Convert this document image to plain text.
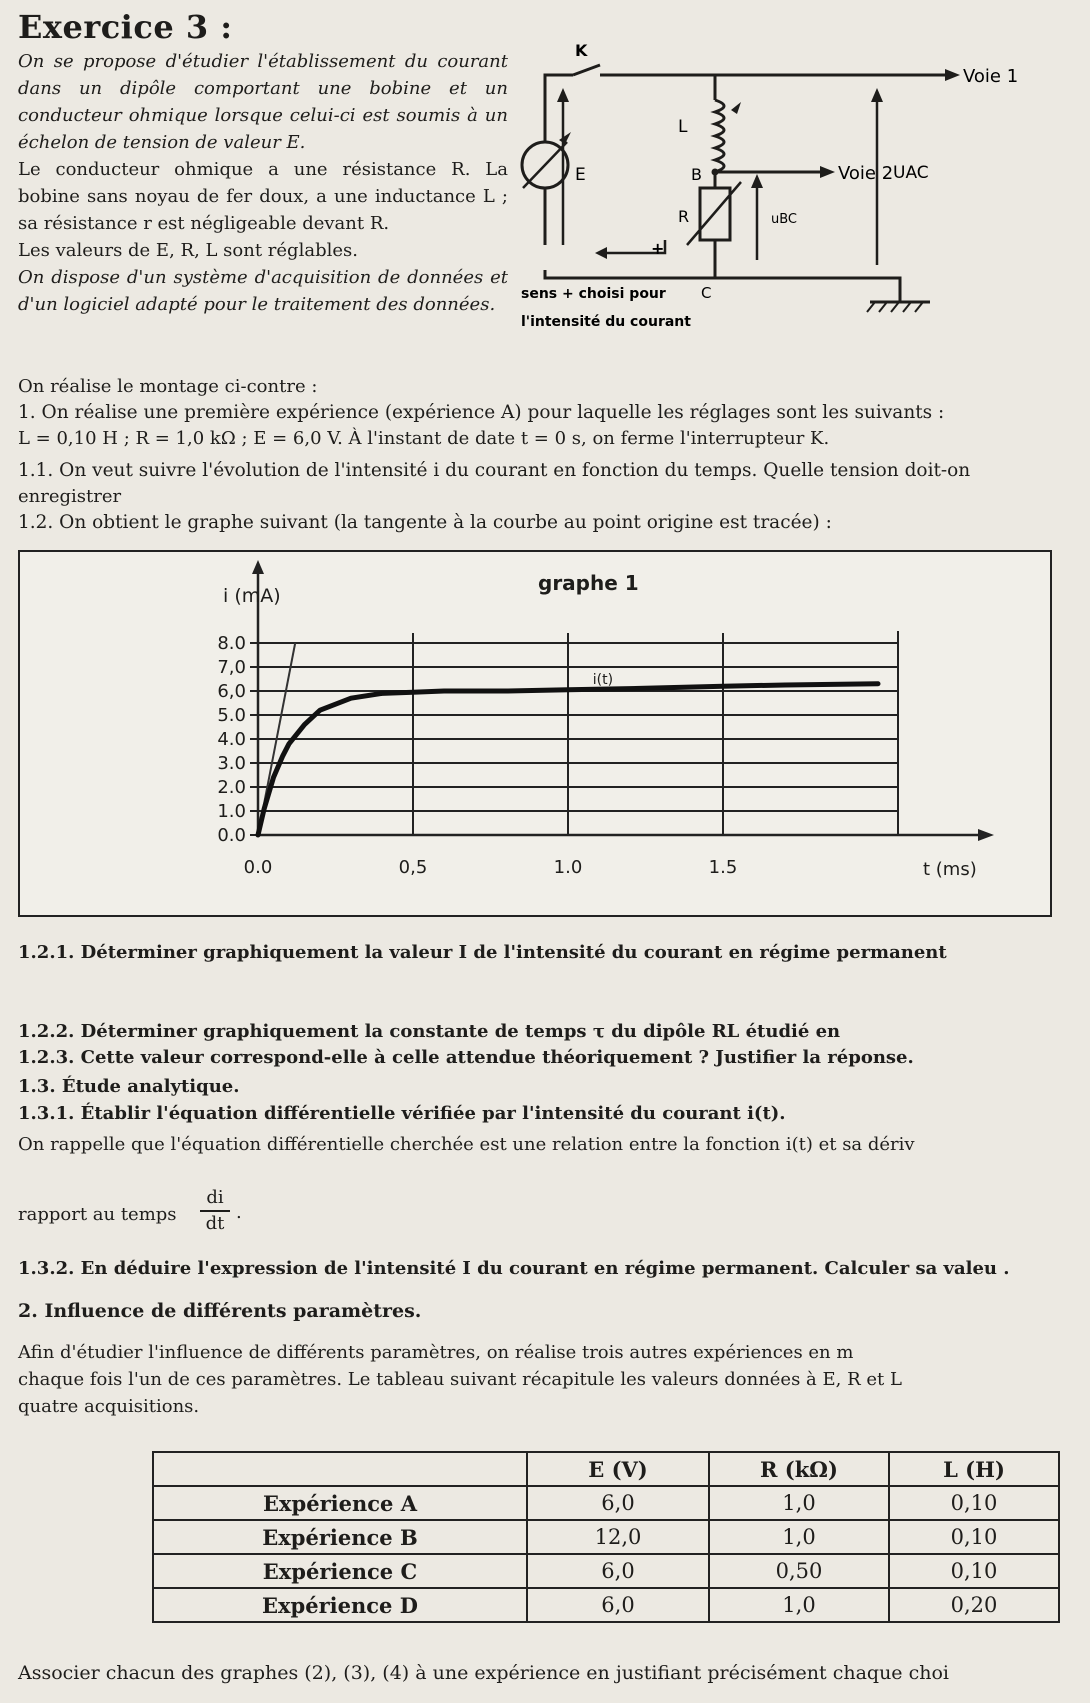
Exercice 3 :

On se propose d'étudier l'établissement du courant dans un dipôle comportant une bobine et un conducteur ohmique lorsque celui-ci est soumis à un échelon de tension de valeur E.

Le conducteur ohmique a une résistance R. La bobine sans noyau de fer doux, a une inductance L ; sa résistance r est négligeable devant R.

Les valeurs de E, R, L sont réglables.

On dispose d'un système d'acquisition de données et d'un logiciel adapté pour le traitement des données.

K
Voie 1
Voie 2
L
E	B
R	uBC
UAC
+
C
sens + choisi pour
l'intensité du courant
On réalise le montage ci-contre :
1. On réalise une première expérience (expérience A) pour laquelle les réglages sont les suivants :
L = 0,10 H ; R = 1,0 kΩ ; E = 6,0 V. À l'instant de date t = 0 s, on ferme l'interrupteur K.
1.1. On veut suivre l'évolution de l'intensité i du courant en fonction du temps. Quelle tension doit-on
enregistrer
1.2. On obtient le graphe suivant (la tangente à la courbe au point origine est tracée) :
0.0
1.0
2.0
3.0
4.0
5.0
6,0
7,0
8.0
0.0	0,5	1.0	1.5
i (mA)
t (ms)
graphe 1
i(t)
1.2.1. Déterminer graphiquement la valeur I de l'intensité du courant en régime permanent
1.2.2. Déterminer graphiquement la constante de temps τ du dipôle RL étudié en
1.2.3. Cette valeur correspond-elle à celle attendue théoriquement ? Justifier la réponse.
1.3. Étude analytique.
1.3.1. Établir l'équation différentielle vérifiée par l'intensité du courant i(t).
On rappelle que l'équation différentielle cherchée est une relation entre la fonction i(t) et sa dériv
rapport au temps
di
dt
.
1.3.2. En déduire l'expression de l'intensité I du courant en régime permanent. Calculer sa valeu .
2. Influence de différents paramètres.
Afin d'étudier l'influence de différents paramètres, on réalise trois autres expériences en m
chaque fois l'un de ces paramètres. Le tableau suivant récapitule les valeurs données à E, R et L
quatre acquisitions.
	E (V)	R (kΩ)	L (H)
Expérience A	6,0	1,0	0,10
Expérience B	12,0	1,0	0,10
Expérience C	6,0	0,50	0,10
Expérience D	6,0	1,0	0,20
Associer chacun des graphes (2), (3), (4) à une expérience en justifiant précisément chaque choi
